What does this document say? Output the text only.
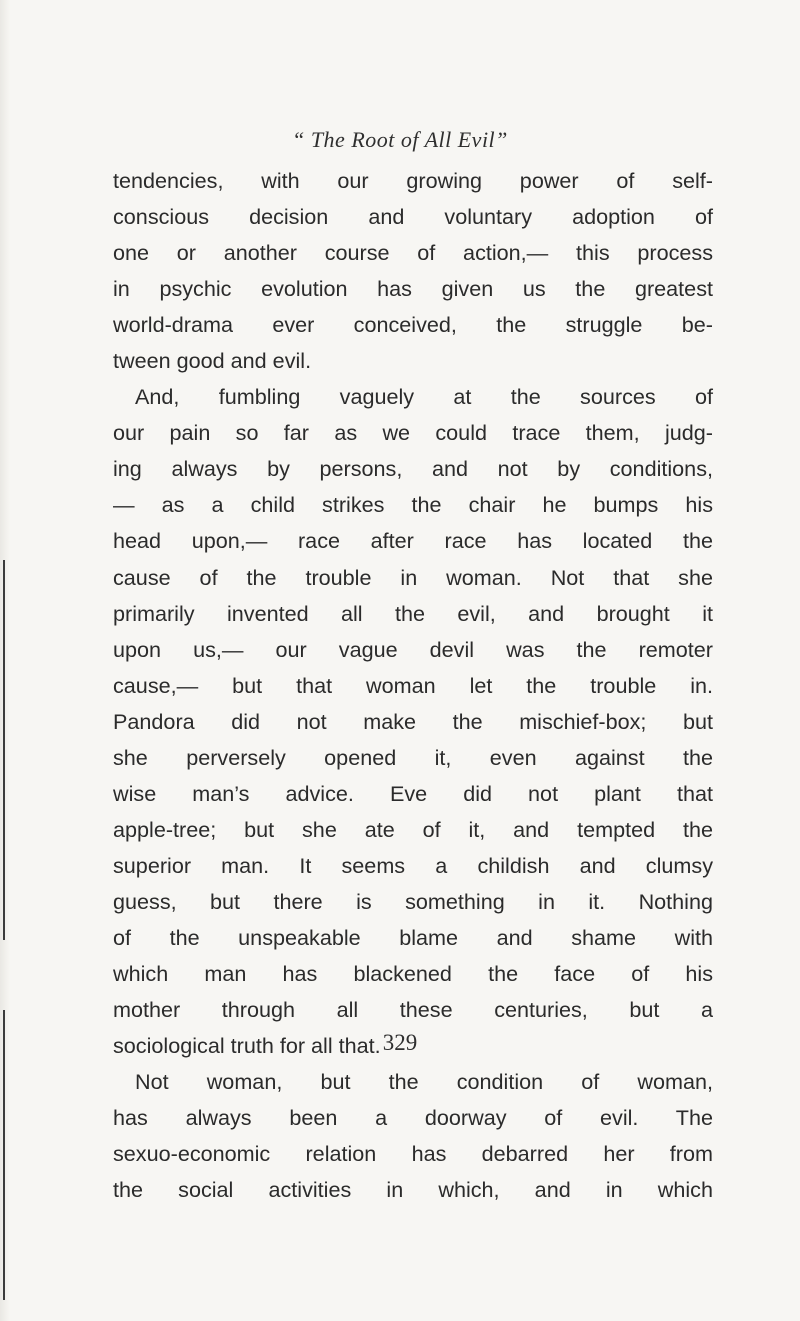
“ The Root of All Evil”
tendencies, with our growing power of self-
conscious decision and voluntary adoption of
one or another course of action,— this process
in psychic evolution has given us the greatest
world-drama ever conceived, the struggle be-
tween good and evil.
And, fumbling vaguely at the sources of
our pain so far as we could trace them, judg-
ing always by persons, and not by conditions,
— as a child strikes the chair he bumps his
head upon,— race after race has located the
cause of the trouble in woman. Not that she
primarily invented all the evil, and brought it
upon us,— our vague devil was the remoter
cause,— but that woman let the trouble in.
Pandora did not make the mischief-box; but
she perversely opened it, even against the
wise man’s advice. Eve did not plant that
apple-tree; but she ate of it, and tempted the
superior man. It seems a childish and clumsy
guess, but there is something in it. Nothing
of the unspeakable blame and shame with
which man has blackened the face of his
mother through all these centuries, but a
sociological truth for all that.
Not woman, but the condition of woman,
has always been a doorway of evil. The
sexuo-economic relation has debarred her from
the social activities in which, and in which
329
